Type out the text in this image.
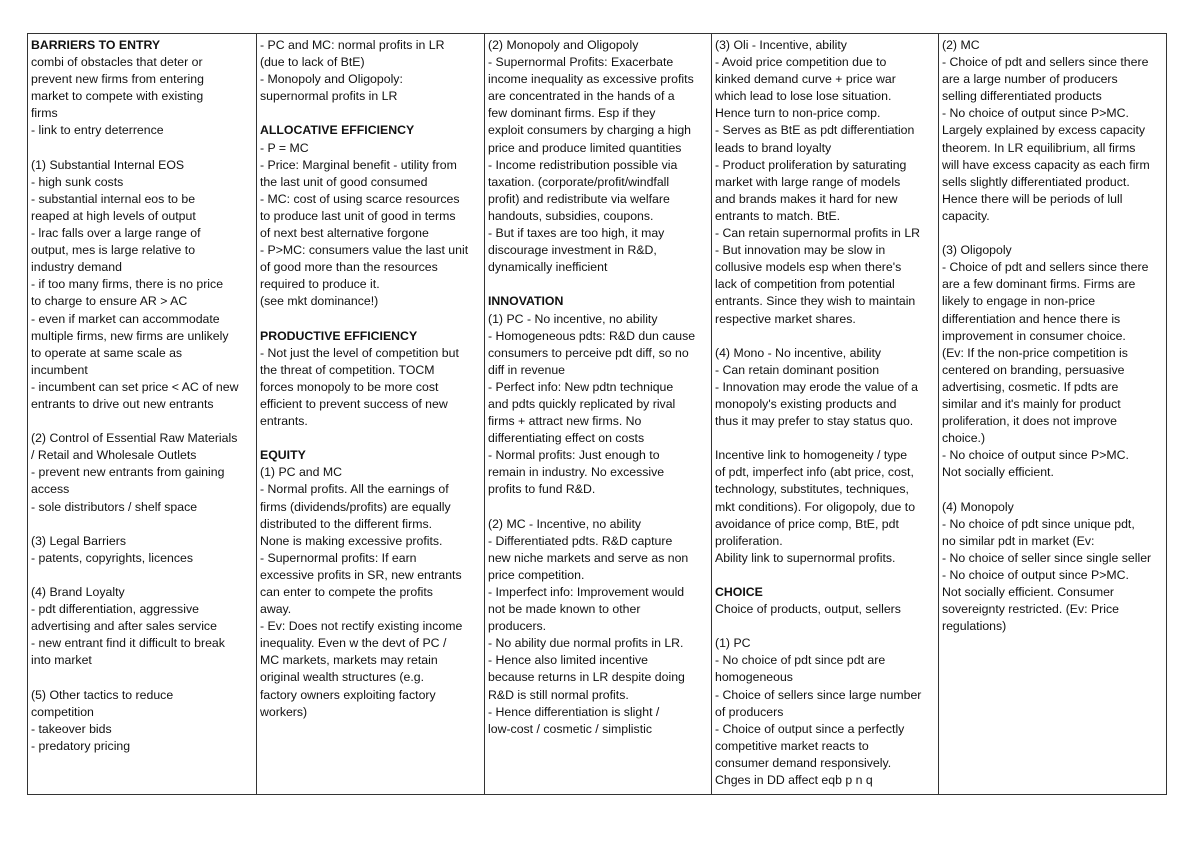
BARRIERS TO ENTRY
combi of obstacles that deter or
prevent new firms from entering
market to compete with existing
firms
- link to entry deterrence
(1) Substantial Internal EOS
- high sunk costs
- substantial internal eos to be
reaped at high levels of output
- lrac falls over a large range of
output, mes is large relative to
industry demand
- if too many firms, there is no price
to charge to ensure AR > AC
- even if market can accommodate
multiple firms, new firms are unlikely
to operate at same scale as
incumbent
- incumbent can set price < AC of new
entrants to drive out new entrants
(2) Control of Essential Raw Materials
/ Retail and Wholesale Outlets
- prevent new entrants from gaining
access
- sole distributors / shelf space
(3) Legal Barriers
- patents, copyrights, licences
(4) Brand Loyalty
- pdt differentiation, aggressive
advertising and after sales service
- new entrant find it difficult to break
into market
(5) Other tactics to reduce
competition
- takeover bids
- predatory pricing

- PC and MC: normal profits in LR
(due to lack of BtE)
- Monopoly and Oligopoly:
supernormal profits in LR
ALLOCATIVE EFFICIENCY
- P = MC
- Price: Marginal benefit - utility from
the last unit of good consumed
- MC: cost of using scarce resources
to produce last unit of good in terms
of next best alternative forgone
- P>MC: consumers value the last unit
of good more than the resources
required to produce it.
(see mkt dominance!)
PRODUCTIVE EFFICIENCY
- Not just the level of competition but
the threat of competition. TOCM
forces monopoly to be more cost
efficient to prevent success of new
entrants.
EQUITY
(1) PC and MC
- Normal profits. All the earnings of
firms (dividends/profits) are equally
distributed to the different firms.
None is making excessive profits.
- Supernormal profits: If earn
excessive profits in SR, new entrants
can enter to compete the profits
away.
- Ev: Does not rectify existing income
inequality. Even w the devt of PC /
MC markets, markets may retain
original wealth structures (e.g.
factory owners exploiting factory
workers)

(2) Monopoly and Oligopoly
- Supernormal Profits: Exacerbate
income inequality as excessive profits
are concentrated in the hands of a
few dominant firms. Esp if they
exploit consumers by charging a high
price and produce limited quantities
- Income redistribution possible via
taxation. (corporate/profit/windfall
profit) and redistribute via welfare
handouts, subsidies, coupons.
- But if taxes are too high, it may
discourage investment in R&D,
dynamically inefficient
INNOVATION
(1) PC - No incentive, no ability
- Homogeneous pdts: R&D dun cause
consumers to perceive pdt diff, so no
diff in revenue
- Perfect info: New pdtn technique
and pdts quickly replicated by rival
firms + attract new firms. No
differentiating effect on costs
- Normal profits: Just enough to
remain in industry. No excessive
profits to fund R&D.
(2) MC - Incentive, no ability
- Differentiated pdts. R&D capture
new niche markets and serve as non
price competition.
- Imperfect info: Improvement would
not be made known to other
producers.
- No ability due normal profits in LR.
- Hence also limited incentive
because returns in LR despite doing
R&D is still normal profits.
- Hence differentiation is slight /
low-cost / cosmetic / simplistic

(3) Oli - Incentive, ability
- Avoid price competition due to
kinked demand curve + price war
which lead to lose lose situation.
Hence turn to non-price comp.
- Serves as BtE as pdt differentiation
leads to brand loyalty
- Product proliferation by saturating
market with large range of models
and brands makes it hard for new
entrants to match. BtE.
- Can retain supernormal profits in LR
- But innovation may be slow in
collusive models esp when there's
lack of competition from potential
entrants. Since they wish to maintain
respective market shares.
(4) Mono - No incentive, ability
- Can retain dominant position
- Innovation may erode the value of a
monopoly's existing products and
thus it may prefer to stay status quo.
Incentive link to homogeneity / type
of pdt, imperfect info (abt price, cost,
technology, substitutes, techniques,
mkt conditions). For oligopoly, due to
avoidance of price comp, BtE, pdt
proliferation.
Ability link to supernormal profits.
CHOICE
Choice of products, output, sellers
(1) PC
- No choice of pdt since pdt are
homogeneous
- Choice of sellers since large number
of producers
- Choice of output since a perfectly
competitive market reacts to
consumer demand responsively.
Chges in DD affect eqb p n q

(2) MC
- Choice of pdt and sellers since there
are a large number of producers
selling differentiated products
- No choice of output since P>MC.
Largely explained by excess capacity
theorem. In LR equilibrium, all firms
will have excess capacity as each firm
sells slightly differentiated product.
Hence there will be periods of lull
capacity.
(3) Oligopoly
- Choice of pdt and sellers since there
are a few dominant firms. Firms are
likely to engage in non-price
differentiation and hence there is
improvement in consumer choice.
(Ev: If the non-price competition is
centered on branding, persuasive
advertising, cosmetic. If pdts are
similar and it's mainly for product
proliferation, it does not improve
choice.)
- No choice of output since P>MC.
Not socially efficient.
(4) Monopoly
- No choice of pdt since unique pdt,
no similar pdt in market (Ev:
- No choice of seller since single seller
- No choice of output since P>MC.
Not socially efficient. Consumer
sovereignty restricted. (Ev: Price
regulations)
